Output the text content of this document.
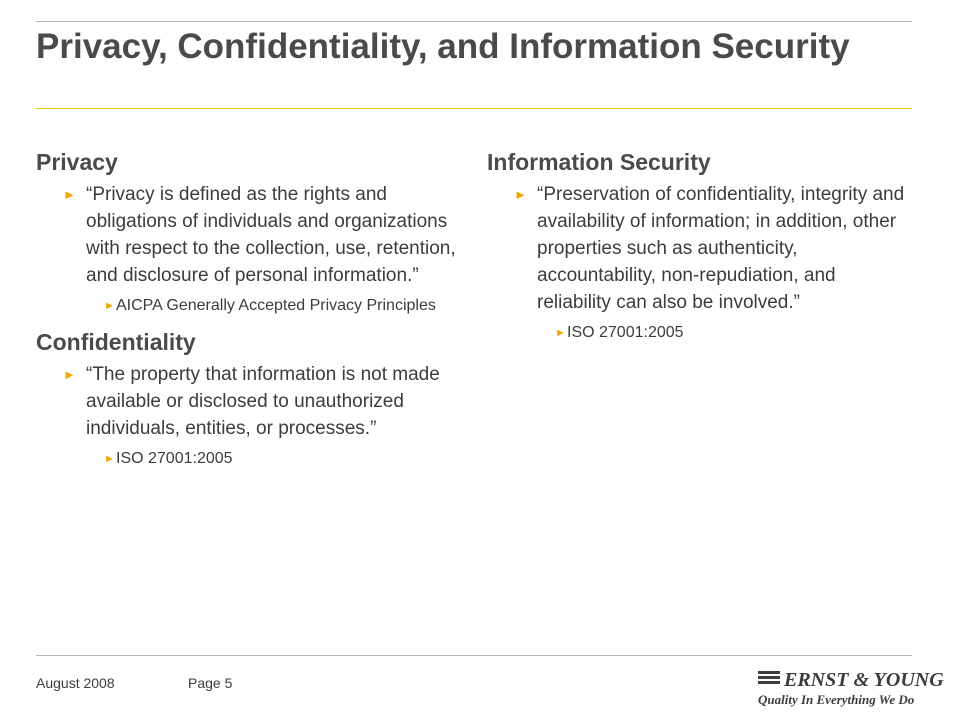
Privacy, Confidentiality, and Information Security
Privacy
► “Privacy is defined as the rights and obligations of individuals and organizations with respect to the collection, use, retention, and disclosure of personal information.”
► AICPA Generally Accepted Privacy Principles
Confidentiality
► “The property that information is not made available or disclosed to unauthorized individuals, entities, or processes.”
► ISO 27001:2005
Information Security
► “Preservation of confidentiality, integrity and availability of information; in addition, other properties such as authenticity, accountability, non-repudiation, and reliability can also be involved.”
► ISO 27001:2005
August 2008	Page 5	ERNST & YOUNG
Quality In Everything We Do
